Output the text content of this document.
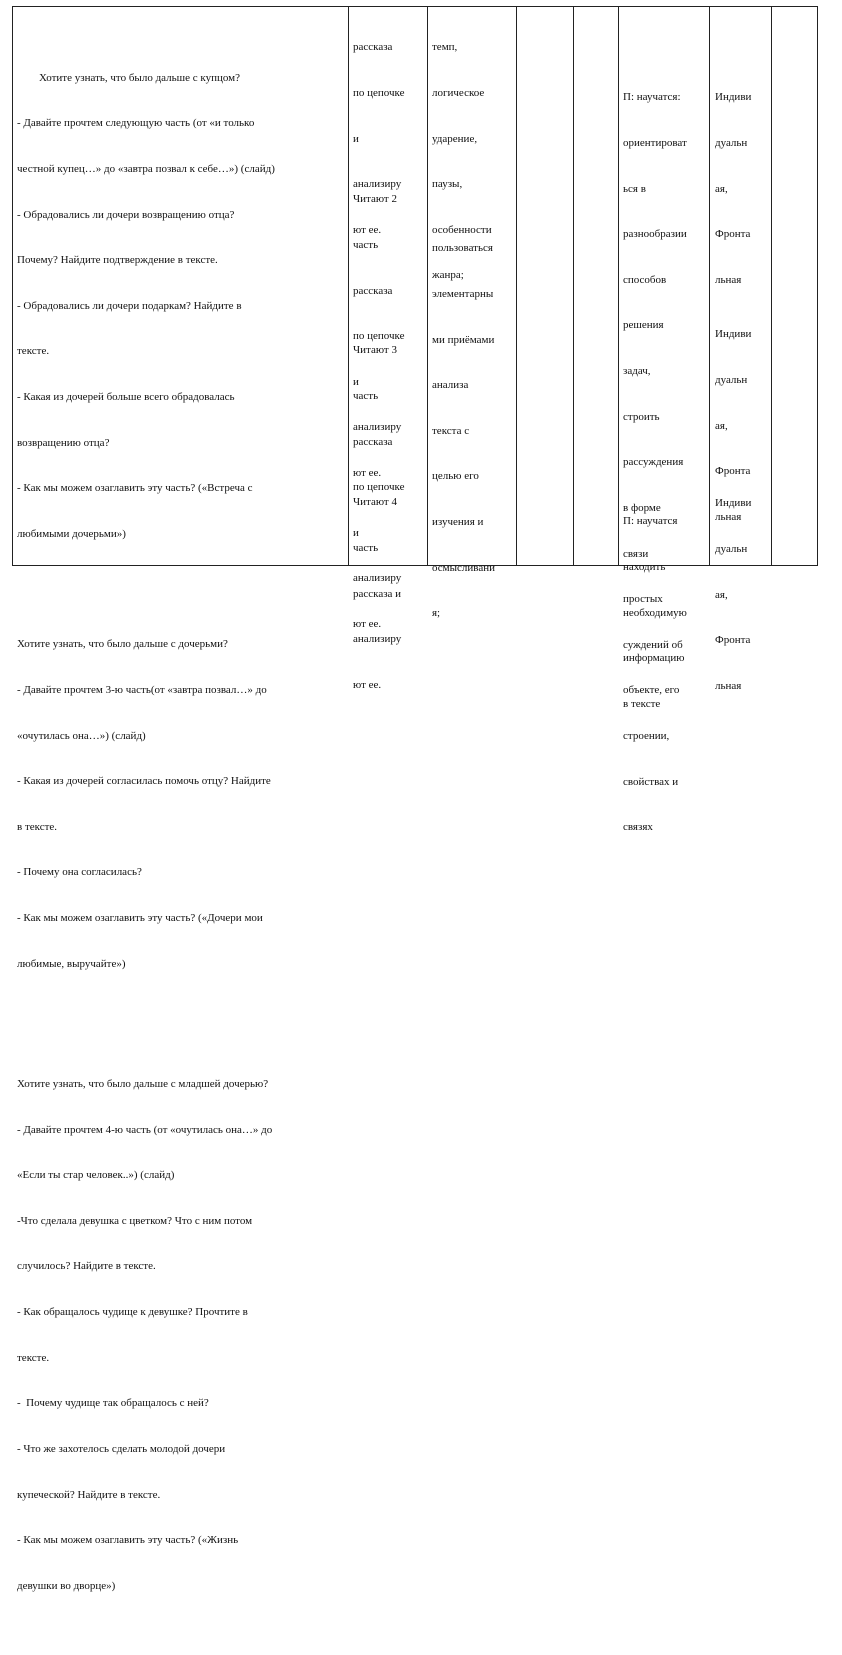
Хотите узнать, что было дальше с купцом?

- Давайте прочтем следующую часть (от «и только

честной купец…» до «завтра позвал к себе…») (слайд)

- Обрадовались ли дочери возвращению отца?

Почему? Найдите подтверждение в тексте.

- Обрадовались ли дочери подаркам? Найдите в

тексте.

- Какая из дочерей больше всего обрадовалась

возвращению отца?

- Как мы можем озаглавить эту часть? («Встреча с

любимыми дочерьми»)

Хотите узнать, что было дальше с дочерьми?

- Давайте прочтем 3-ю часть(от «завтра позвал…» до

«очутилась она…») (слайд)

- Какая из дочерей согласилась помочь отцу? Найдите

в тексте.

- Почему она согласилась?

- Как мы можем озаглавить эту часть? («Дочери мои

любимые, выручайте»)

Хотите узнать, что было дальше с младшей дочерью?

- Давайте прочтем 4-ю часть (от «очутилась она…» до

«Если ты стар человек..») (слайд)

-Что сделала девушка с цветком? Что с ним потом

случилось? Найдите в тексте.

- Как обращалось чудище к девушке? Прочтите в

тексте.

-  Почему чудище так обращалось с ней?

- Что же захотелось сделать молодой дочери

купеческой? Найдите в тексте.

- Как мы можем озаглавить эту часть? («Жизнь

девушки во дворце»)

рассказа

по цепочке

и

анализиру

ют ее.

Читают 2

часть

рассказа

по цепочке

и

анализиру

ют ее.

Читают 3

часть

рассказа

по цепочке

и

анализиру

ют ее.

Читают 4

часть

рассказа и

анализиру

ют ее.

темп,

логическое

ударение,

паузы,

особенности

жанра;

пользоваться

элементарны

ми приёмами

анализа

текста с

целью его

изучения и

осмысливани

я;

П: научатся:

ориентироват

ься в

разнообразии

способов

решения

задач,

строить

рассуждения

в форме

связи

простых

суждений об

объекте, его

строении,

свойствах и

связях

П: научатся

находить

необходимую

информацию

в тексте

Индиви

дуальн

ая,

Фронта

льная

Индиви

дуальн

ая,

Фронта

льная

Индиви

дуальн

ая,

Фронта

льная
